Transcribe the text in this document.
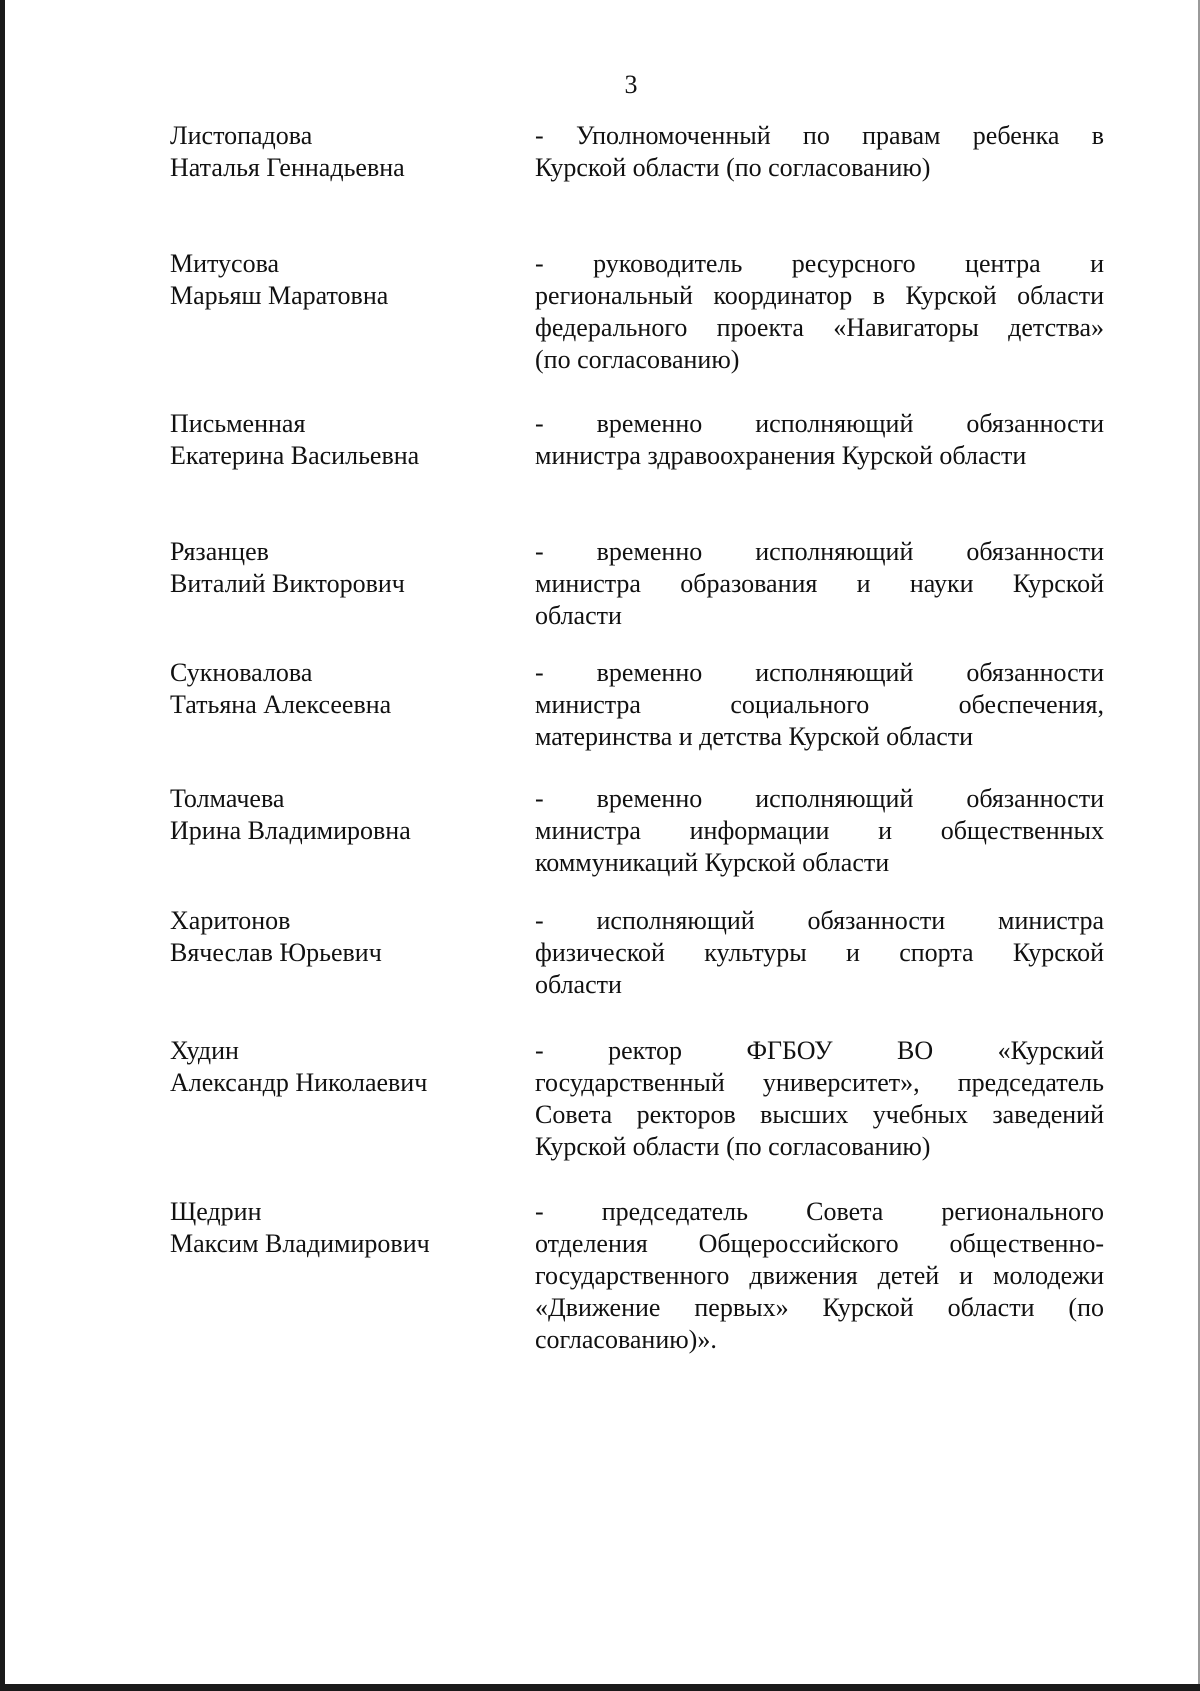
3
Листопадова
Наталья Геннадьевна
- Уполномоченный по правам ребенка в
Курской области (по согласованию)
Митусова
Марьяш Маратовна
- руководитель ресурсного центра и
региональный координатор в Курской области
федерального проекта «Навигаторы детства»
(по согласованию)
Письменная
Екатерина Васильевна
- временно исполняющий обязанности
министра здравоохранения Курской области
Рязанцев
Виталий Викторович
- временно исполняющий обязанности
министра образования и науки Курской
области
Сукновалова
Татьяна Алексеевна
- временно исполняющий обязанности
министра социального обеспечения,
материнства и детства Курской области
Толмачева
Ирина Владимировна
- временно исполняющий обязанности
министра информации и общественных
коммуникаций Курской области
Харитонов
Вячеслав Юрьевич
- исполняющий обязанности министра
физической культуры и спорта Курской
области
Худин
Александр Николаевич
- ректор ФГБОУ ВО «Курский
государственный университет», председатель
Совета ректоров высших учебных заведений
Курской области (по согласованию)
Щедрин
Максим Владимирович
- председатель Совета регионального
отделения Общероссийского общественно-
государственного движения детей и молодежи
«Движение первых» Курской области (по
согласованию)».
